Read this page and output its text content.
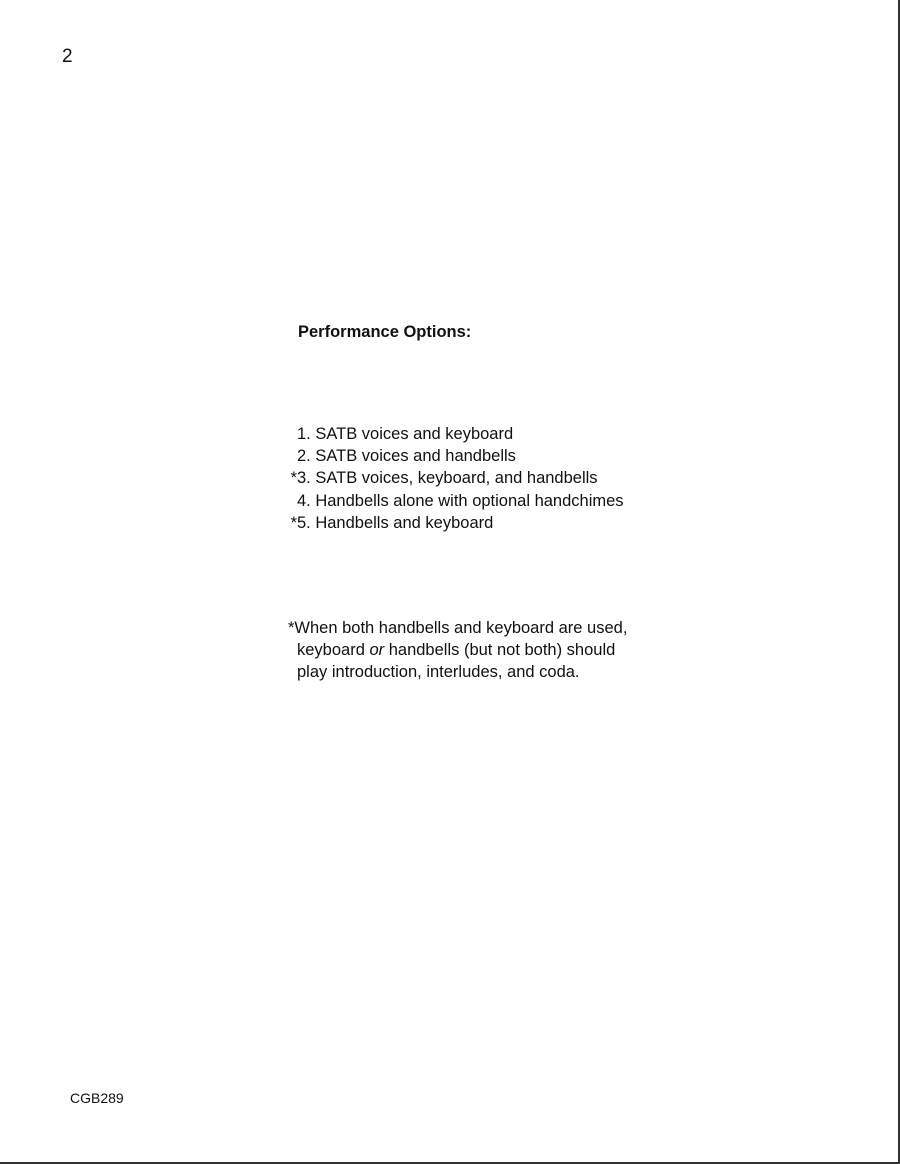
2
Performance Options:
1. SATB voices and keyboard
2. SATB voices and handbells
*3. SATB voices, keyboard, and handbells
4. Handbells alone with optional handchimes
*5. Handbells and keyboard
*When both handbells and keyboard are used,
keyboard or handbells (but not both) should
play introduction, interludes, and coda.
CGB289
